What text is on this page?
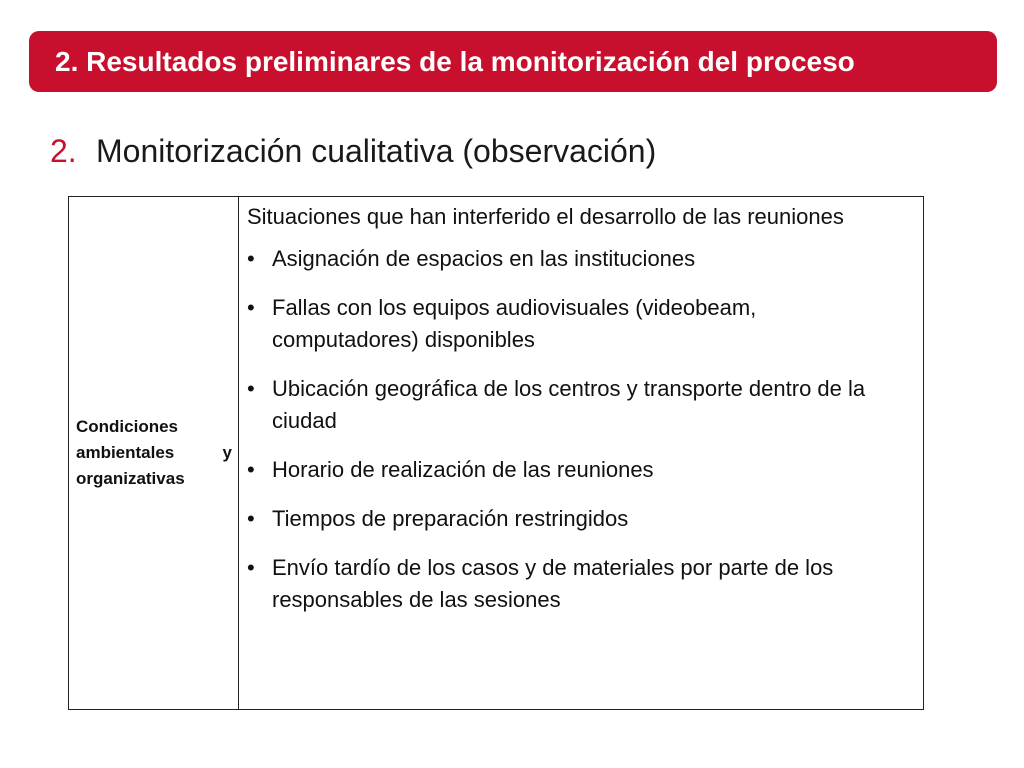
2. Resultados preliminares de la monitorización del proceso
2. Monitorización cualitativa (observación)
Condiciones ambientales y organizativas

Situaciones que han interferido el desarrollo de las reuniones

• Asignación de espacios en las instituciones
• Fallas con los equipos audiovisuales (videobeam, computadores) disponibles
• Ubicación geográfica de los centros y transporte dentro de la ciudad
• Horario de realización de las reuniones
• Tiempos de preparación restringidos
• Envío tardío de los casos y de materiales por parte de los responsables de las sesiones
